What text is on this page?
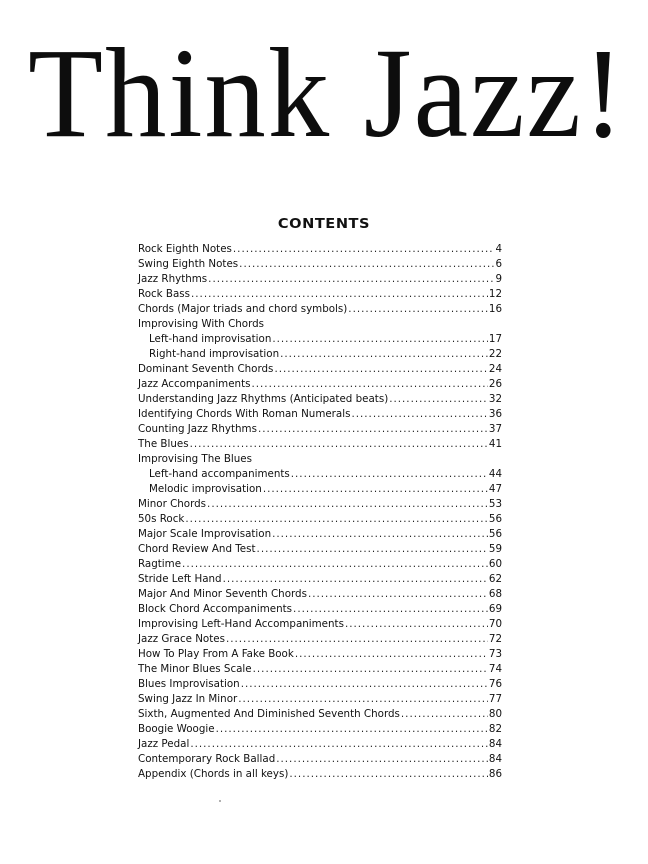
Think Jazz!
CONTENTS
Rock Eighth Notes .....	4
Swing Eighth Notes .....	6
Jazz Rhythms .....	9
Rock Bass .....	12
Chords (Major triads and chord symbols) .....	16
Improvising With Chords
Left-hand improvisation .....	17
Right-hand improvisation .....	22
Dominant Seventh Chords .....	24
Jazz Accompaniments .....	26
Understanding Jazz Rhythms (Anticipated beats) .....	32
Identifying Chords With Roman Numerals .....	36
Counting Jazz Rhythms .....	37
The Blues .....	41
Improvising The Blues
Left-hand accompaniments .....	44
Melodic improvisation .....	47
Minor Chords .....	53
50s Rock .....	56
Major Scale Improvisation .....	56
Chord Review And Test .....	59
Ragtime .....	60
Stride Left Hand .....	62
Major And Minor Seventh Chords .....	68
Block Chord Accompaniments .....	69
Improvising Left-Hand Accompaniments .....	70
Jazz Grace Notes .....	72
How To Play From A Fake Book .....	73
The Minor Blues Scale .....	74
Blues Improvisation .....	76
Swing Jazz In Minor .....	77
Sixth, Augmented And Diminished Seventh Chords .....	80
Boogie Woogie .....	82
Jazz Pedal .....	84
Contemporary Rock Ballad .....	84
Appendix (Chords in all keys) .....	86
